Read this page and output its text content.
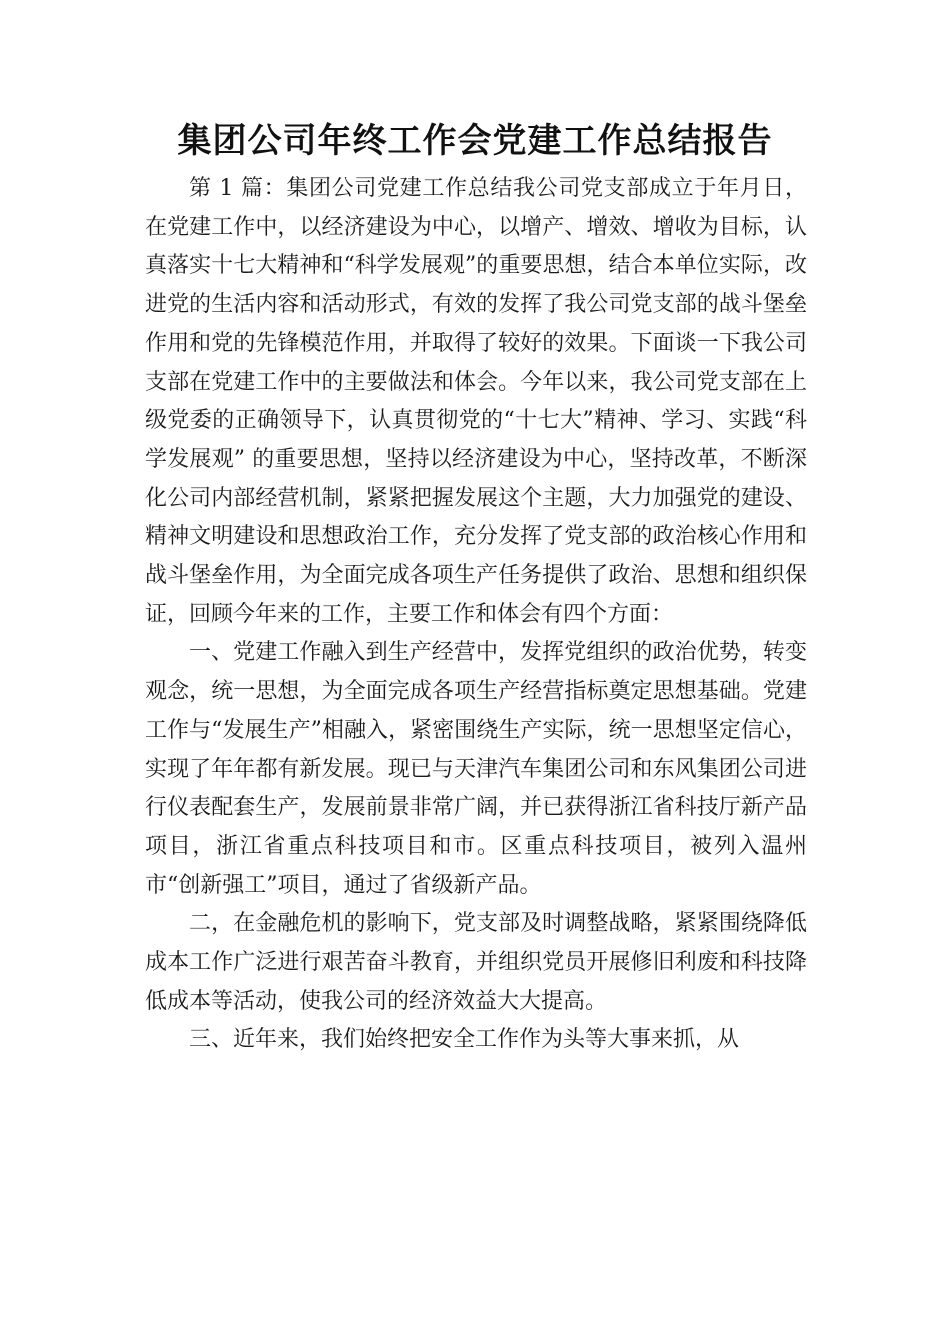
集团公司年终工作会党建工作总结报告

第 1 篇：集团公司党建工作总结我公司党支部成立于年月日，在党建工作中，以经济建设为中心，以增产、增效、增收为目标，认真落实十七大精神和“科学发展观”的重要思想，结合本单位实际，改进党的生活内容和活动形式，有效的发挥了我公司党支部的战斗堡垒作用和党的先锋模范作用，并取得了较好的效果。下面谈一下我公司支部在党建工作中的主要做法和体会。今年以来，我公司党支部在上级党委的正确领导下，认真贯彻党的“十七大”精神、学习、实践“科学发展观” 的重要思想，坚持以经济建设为中心，坚持改革，不断深化公司内部经营机制，紧紧把握发展这个主题，大力加强党的建设、精神文明建设和思想政治工作，充分发挥了党支部的政治核心作用和战斗堡垒作用，为全面完成各项生产任务提供了政治、思想和组织保证，回顾今年来的工作，主要工作和体会有四个方面：

一、党建工作融入到生产经营中，发挥党组织的政治优势，转变观念，统一思想，为全面完成各项生产经营指标奠定思想基础。党建工作与“发展生产”相融入，紧密围绕生产实际，统一思想坚定信心，实现了年年都有新发展。现已与天津汽车集团公司和东风集团公司进行仪表配套生产，发展前景非常广阔，并已获得浙江省科技厅新产品项目，浙江省重点科技项目和市。区重点科技项目，被列入温州市“创新强工”项目，通过了省级新产品。

二，在金融危机的影响下，党支部及时调整战略，紧紧围绕降低成本工作广泛进行艰苦奋斗教育，并组织党员开展修旧利废和科技降低成本等活动，使我公司的经济效益大大提高。

三、近年来，我们始终把安全工作作为头等大事来抓，从
